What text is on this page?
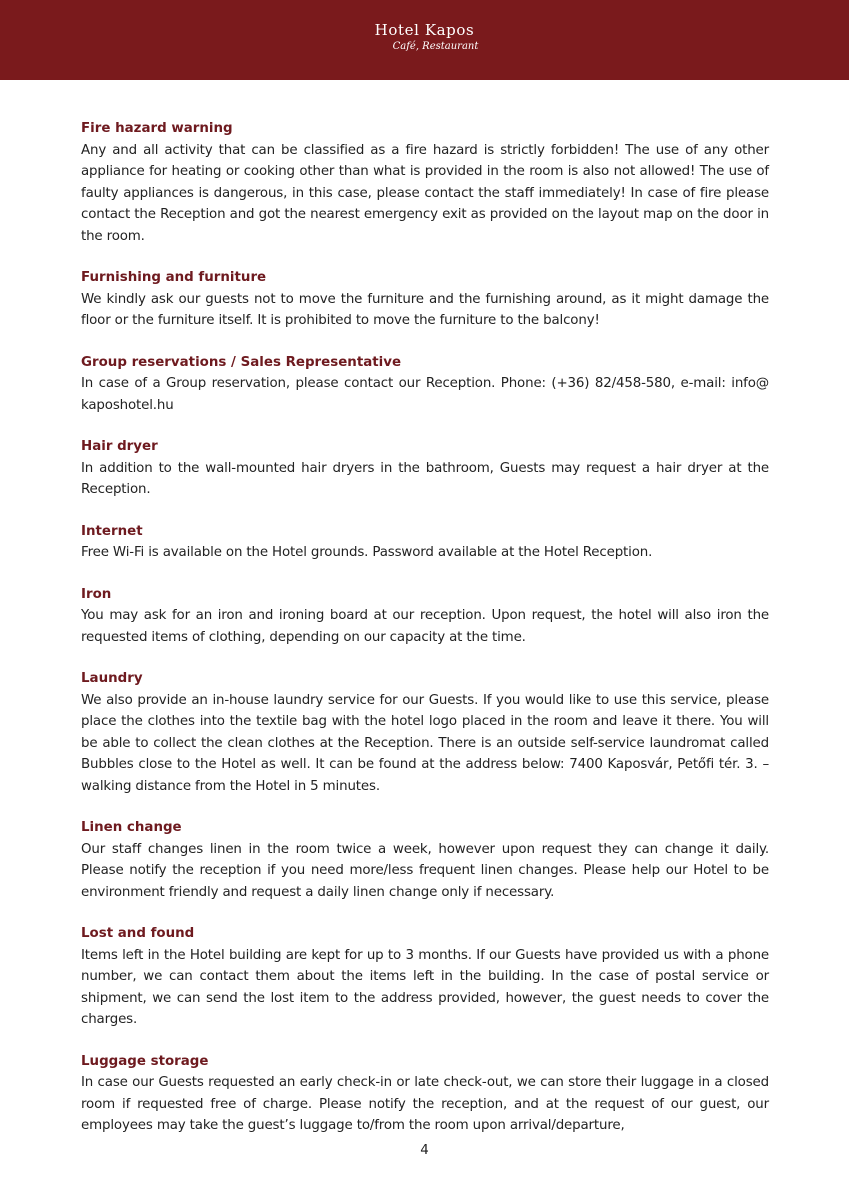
Hotel Kapos
Café, Restaurant

Fire hazard warning

Any and all activity that can be classified as a fire hazard is strictly forbidden! The use of any other appliance for heating or cooking other than what is provided in the room is also not allowed! The use of faulty appliances is dangerous, in this case, please contact the staff immediately! In case of fire please contact the Reception and got the nearest emergency exit as provided on the layout map on the door in the room.

Furnishing and furniture

We kindly ask our guests not to move the furniture and the furnishing around, as it might damage the floor or the furniture itself. It is prohibited to move the furniture to the balcony!

Group reservations / Sales Representative

In case of a Group reservation, please contact our Reception. Phone: (+36) 82/458-580, e-mail: info@ kaposhotel.hu

Hair dryer

In addition to the wall-mounted hair dryers in the bathroom, Guests may request a hair dryer at the Reception.

Internet

Free Wi-Fi is available on the Hotel grounds. Password available at the Hotel Reception.

Iron

You may ask for an iron and ironing board at our reception. Upon request, the hotel will also iron the requested items of clothing, depending on our capacity at the time.

Laundry

We also provide an in-house laundry service for our Guests. If you would like to use this service, please place the clothes into the textile bag with the hotel logo placed in the room and leave it there. You will be able to collect the clean clothes at the Reception. There is an outside self-service laundromat called Bubbles close to the Hotel as well. It can be found at the address below: 7400 Kaposvár, Petőfi tér. 3. – walking distance from the Hotel in 5 minutes.

Linen change

Our staff changes linen in the room twice a week, however upon request they can change it daily. Please notify the reception if you need more/less frequent linen changes. Please help our Hotel to be environment friendly and request a daily linen change only if necessary.

Lost and found

Items left in the Hotel building are kept for up to 3 months. If our Guests have provided us with a phone number, we can contact them about the items left in the building. In the case of postal service or shipment, we can send the lost item to the address provided, however, the guest needs to cover the charges.

Luggage storage

In case our Guests requested an early check-in or late check-out, we can store their luggage in a closed room if requested free of charge. Please notify the reception, and at the request of our guest, our employees may take the guest’s luggage to/from the room upon arrival/departure,

4
